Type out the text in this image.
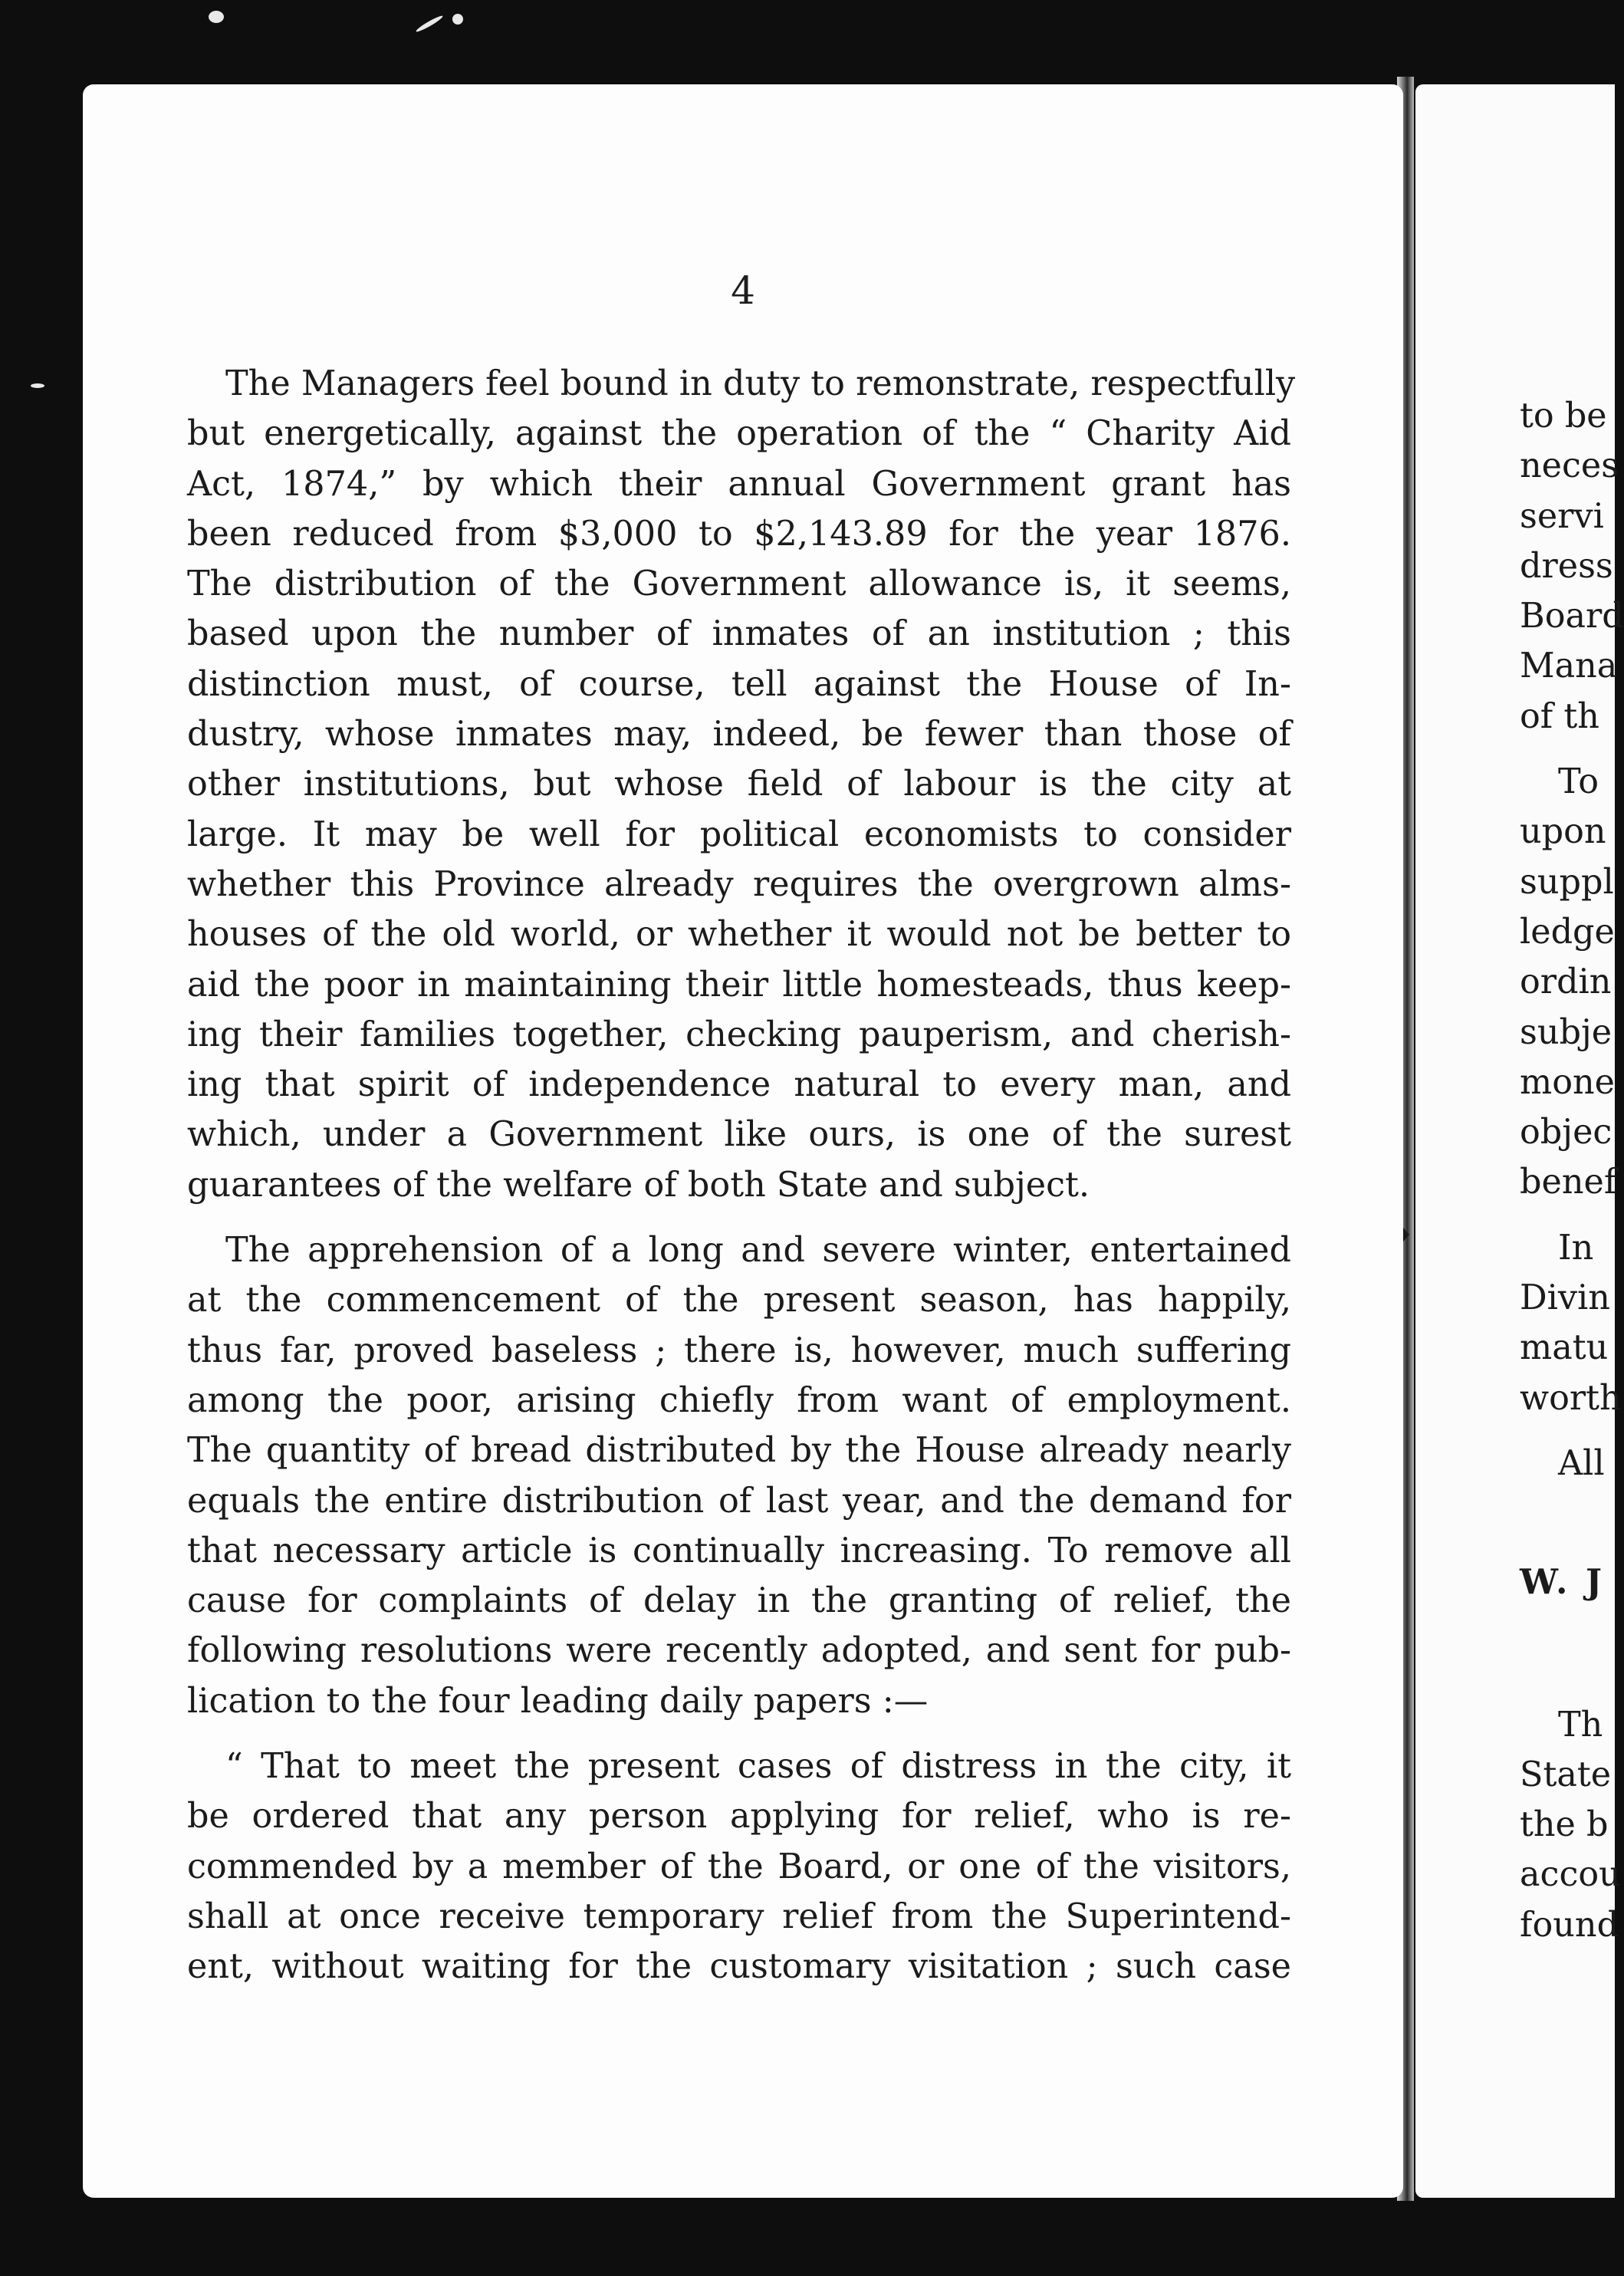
4

The Managers feel bound in duty to remonstrate, respectfully
but energetically, against the operation of the “ Charity Aid
Act, 1874,” by which their annual Government grant has
been reduced from $3,000 to $2,143.89 for the year 1876.
The distribution of the Government allowance is, it seems,
based upon the number of inmates of an institution ; this
distinction must, of course, tell against the House of In-
dustry, whose inmates may, indeed, be fewer than those of
other institutions, but whose field of labour is the city at
large. It may be well for political economists to consider
whether this Province already requires the overgrown alms-
houses of the old world, or whether it would not be better to
aid the poor in maintaining their little homesteads, thus keep-
ing their families together, checking pauperism, and cherish-
ing that spirit of independence natural to every man, and
which, under a Government like ours, is one of the surest
guarantees of the welfare of both State and subject.

The apprehension of a long and severe winter, entertained
at the commencement of the present season, has happily,
thus far, proved baseless ; there is, however, much suffering
among the poor, arising chiefly from want of employment.
The quantity of bread distributed by the House already nearly
equals the entire distribution of last year, and the demand for
that necessary article is continually increasing. To remove all
cause for complaints of delay in the granting of relief, the
following resolutions were recently adopted, and sent for pub-
lication to the four leading daily papers :—

“ That to meet the present cases of distress in the city, it
be ordered that any person applying for relief, who is re-
commended by a member of the Board, or one of the visitors,
shall at once receive temporary relief from the Superintend-
ent, without waiting for the customary visitation ; such case

to be
neces
servi
dress
Board
Mana
of th
To
upon
suppl
ledge
ordin
subje
mone
objec
benef
In
Divin
matu
worth
All
W. J
Th
State
the b
accou
found
